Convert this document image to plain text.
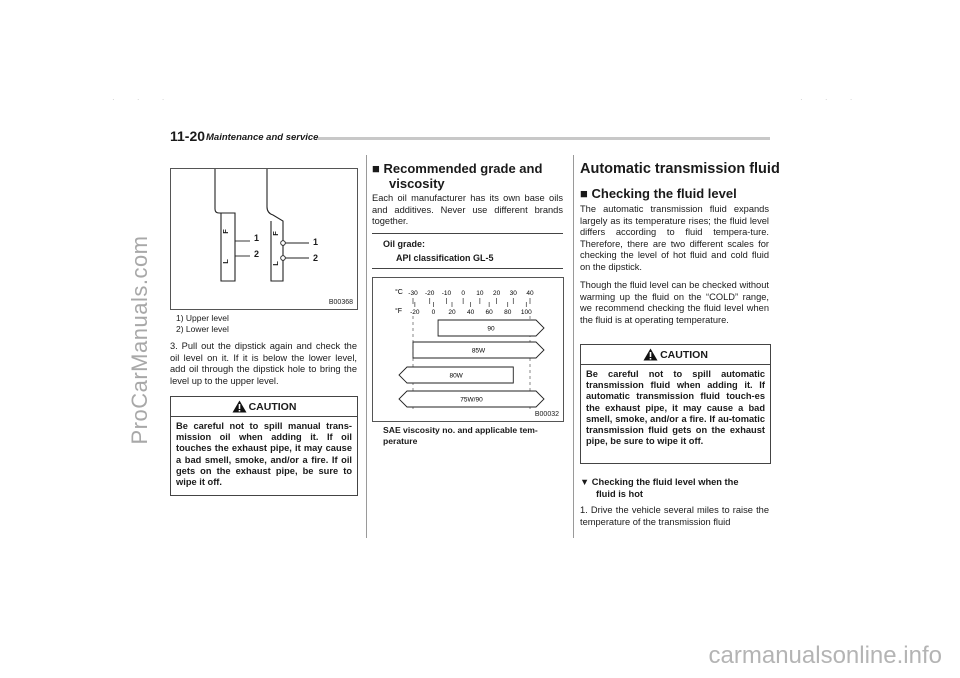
ProCarManuals.com
carmanualsonline.info
· · ·	· · ·
11-20 Maintenance and service
F
L
1
2
F
L
1
2
B00368
1) Upper level
2) Lower level
3. Pull out the dipstick again and check the oil level on it. If it is below the lower level, add oil through the dipstick hole to bring the level up to the upper level.
CAUTION
Be careful not to spill manual trans-mission oil when adding it. If oil touches the exhaust pipe, it may cause a bad smell, smoke, and/or a fire. If oil gets on the exhaust pipe, be sure to wipe it off.
■ Recommended grade and
viscosity
Each oil manufacturer has its own base oils and additives. Never use different brands together.
Oil grade:
API classification GL-5
°C
°F
-30 -20 -10 0 10 20 30 40
-20 0 20 40 60 80 100
90
85W
80W
75W/90
B00032
SAE viscosity no. and applicable tem-perature
Automatic transmission fluid
■ Checking the fluid level
The automatic transmission fluid expands largely as its temperature rises; the fluid level differs according to fluid tempera-ture. Therefore, there are two different scales for checking the level of hot fluid and cold fluid on the dipstick.
Though the fluid level can be checked without warming up the fluid on the “COLD” range, we recommend checking the fluid level when the fluid is at operating temperature.
CAUTION
Be careful not to spill automatic transmission fluid when adding it. If automatic transmission fluid touch-es the exhaust pipe, it may cause a bad smell, smoke, and/or a fire. If au-tomatic transmission fluid gets on the exhaust pipe, be sure to wipe it off.
▼ Checking the fluid level when the
fluid is hot
1. Drive the vehicle several miles to raise the temperature of the transmission fluid
